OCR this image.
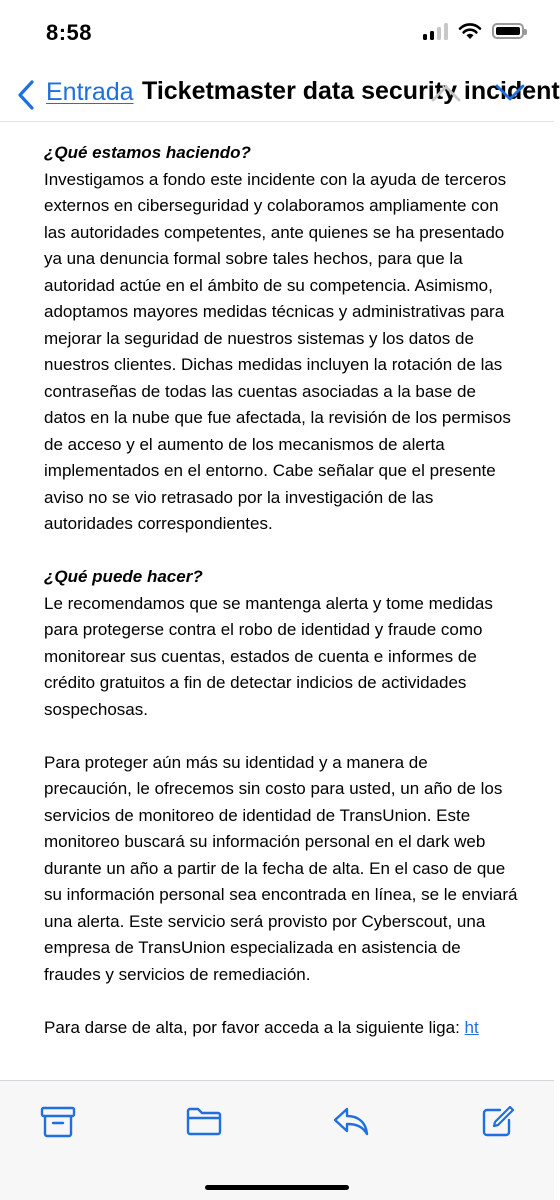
8:58
Entrada Ticketmaster data security incident

¿Qué estamos haciendo?

Investigamos a fondo este incidente con la ayuda de terceros externos en ciberseguridad y colaboramos ampliamente con las autoridades competentes, ante quienes se ha presentado ya una denuncia formal sobre tales hechos, para que la autoridad actúe en el ámbito de su competencia. Asimismo, adoptamos mayores medidas técnicas y administrativas para mejorar la seguridad de nuestros sistemas y los datos de nuestros clientes. Dichas medidas incluyen la rotación de las contraseñas de todas las cuentas asociadas a la base de datos en la nube que fue afectada, la revisión de los permisos de acceso y el aumento de los mecanismos de alerta implementados en el entorno. Cabe señalar que el presente aviso no se vio retrasado por la investigación de las autoridades correspondientes.

¿Qué puede hacer?

Le recomendamos que se mantenga alerta y tome medidas para protegerse contra el robo de identidad y fraude como monitorear sus cuentas, estados de cuenta e informes de crédito gratuitos a fin de detectar indicios de actividades sospechosas.

Para proteger aún más su identidad y a manera de precaución, le ofrecemos sin costo para usted, un año de los servicios de monitoreo de identidad de TransUnion. Este monitoreo buscará su información personal en el dark web durante un año a partir de la fecha de alta. En el caso de que su información personal sea encontrada en línea, se le enviará una alerta. Este servicio será provisto por Cyberscout, una empresa de TransUnion especializada en asistencia de fraudes y servicios de remediación.

Para darse de alta, por favor acceda a la siguiente liga: ht
